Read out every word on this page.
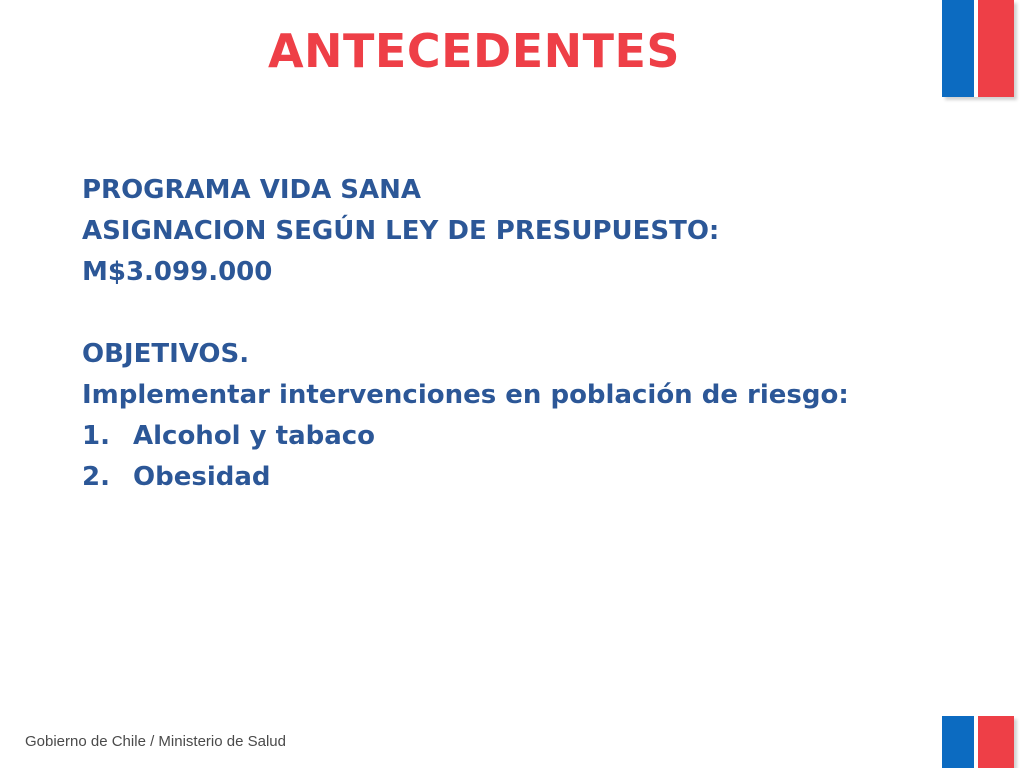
ANTECEDENTES
PROGRAMA VIDA SANA
ASIGNACION SEGÚN LEY DE PRESUPUESTO:
M$3.099.000
OBJETIVOS.
Implementar intervenciones en población de riesgo:
1. Alcohol y tabaco
2. Obesidad
Gobierno de Chile / Ministerio de Salud
